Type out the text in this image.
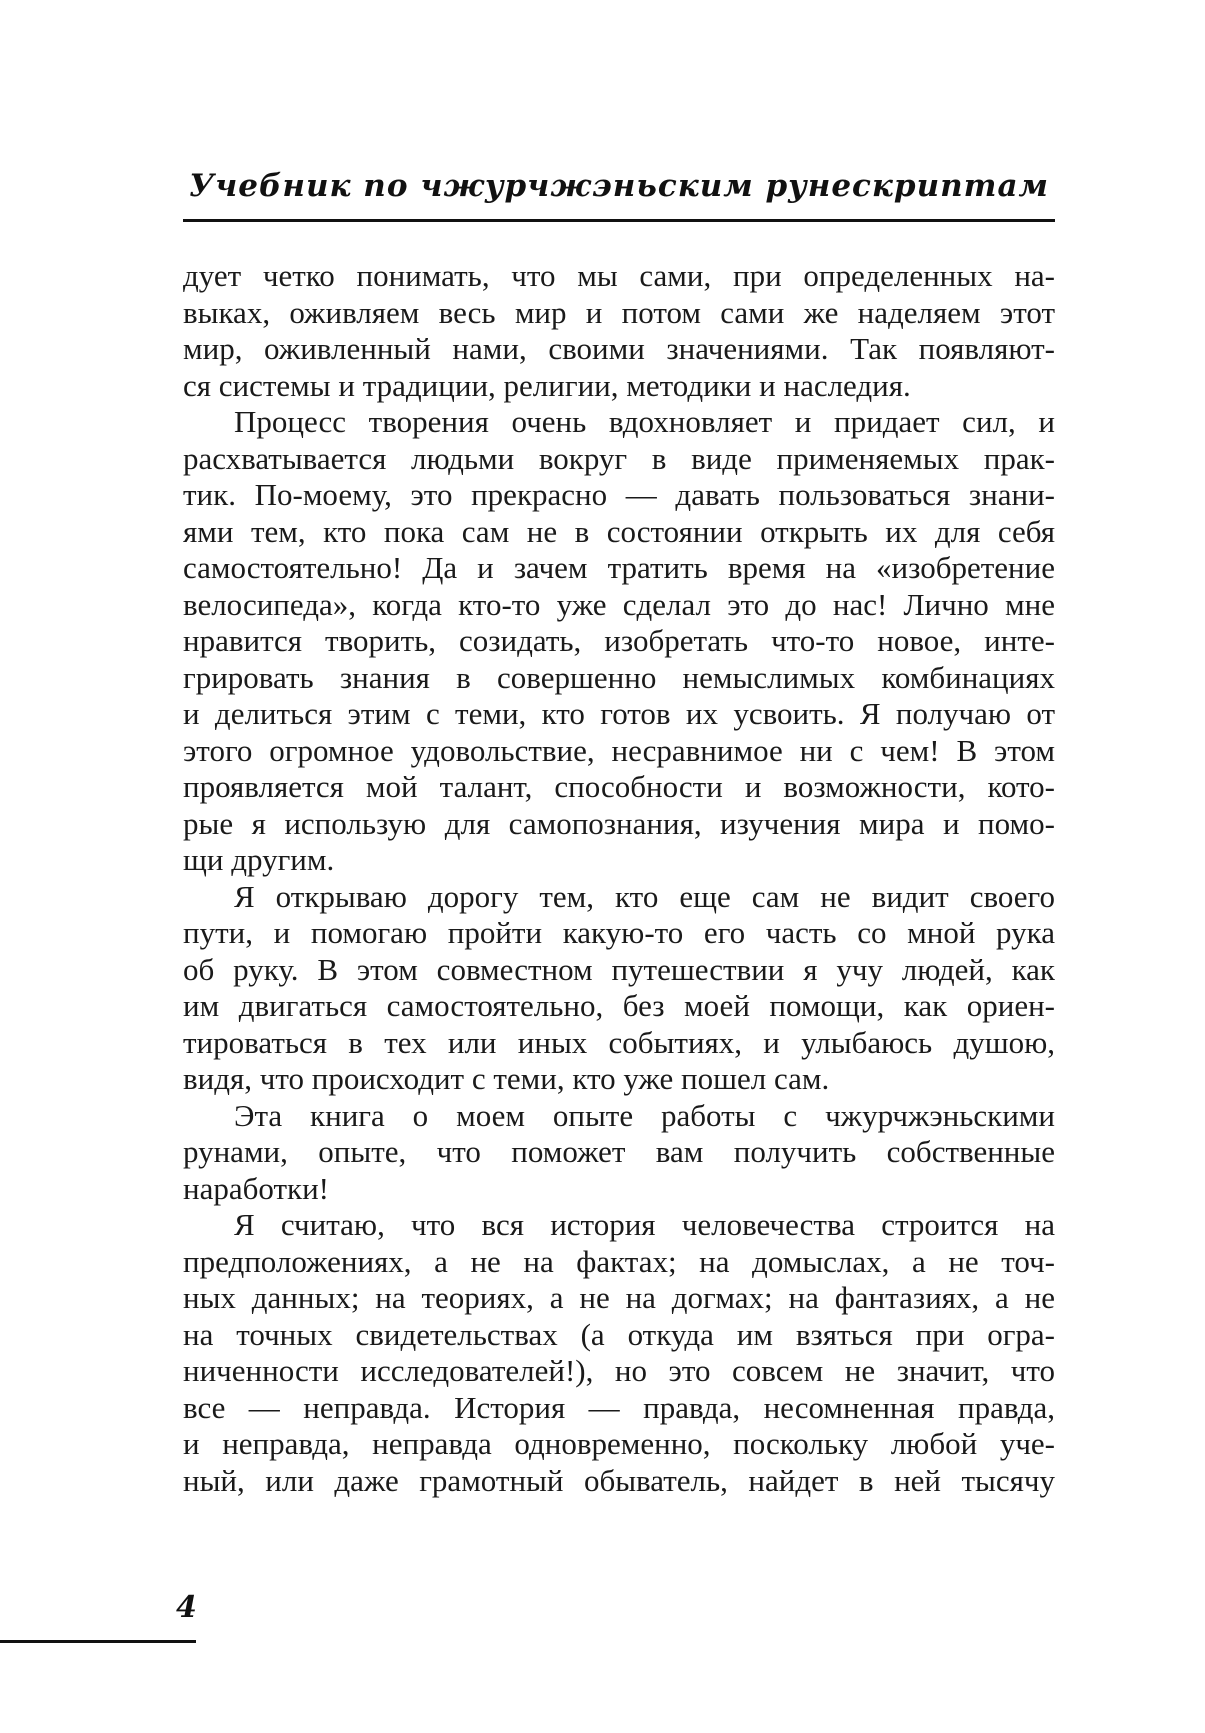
Учебник по чжурчжэньским рунескриптам
дует четко понимать, что мы сами, при определенных на-
выках, оживляем весь мир и потом сами же наделяем этот
мир, оживленный нами, своими значениями. Так появляют-
ся системы и традиции, религии, методики и наследия.
Процесс творения очень вдохновляет и придает сил, и
расхватывается людьми вокруг в виде применяемых прак-
тик. По-моему, это прекрасно — давать пользоваться знани-
ями тем, кто пока сам не в состоянии открыть их для себя
самостоятельно! Да и зачем тратить время на «изобретение
велосипеда», когда кто-то уже сделал это до нас! Лично мне
нравится творить, созидать, изобретать что-то новое, инте-
грировать знания в совершенно немыслимых комбинациях
и делиться этим с теми, кто готов их усвоить. Я получаю от
этого огромное удовольствие, несравнимое ни с чем! В этом
проявляется мой талант, способности и возможности, кото-
рые я использую для самопознания, изучения мира и помо-
щи другим.
Я открываю дорогу тем, кто еще сам не видит своего
пути, и помогаю пройти какую-то его часть со мной рука
об руку. В этом совместном путешествии я учу людей, как
им двигаться самостоятельно, без моей помощи, как ориен-
тироваться в тех или иных событиях, и улыбаюсь душою,
видя, что происходит с теми, кто уже пошел сам.
Эта книга о моем опыте работы с чжурчжэньскими
рунами, опыте, что поможет вам получить собственные
наработки!
Я считаю, что вся история человечества строится на
предположениях, а не на фактах; на домыслах, а не точ-
ных данных; на теориях, а не на догмах; на фантазиях, а не
на точных свидетельствах (а откуда им взяться при огра-
ниченности исследователей!), но это совсем не значит, что
все — неправда. История — правда, несомненная правда,
и неправда, неправда одновременно, поскольку любой уче-
ный, или даже грамотный обыватель, найдет в ней тысячу
4
